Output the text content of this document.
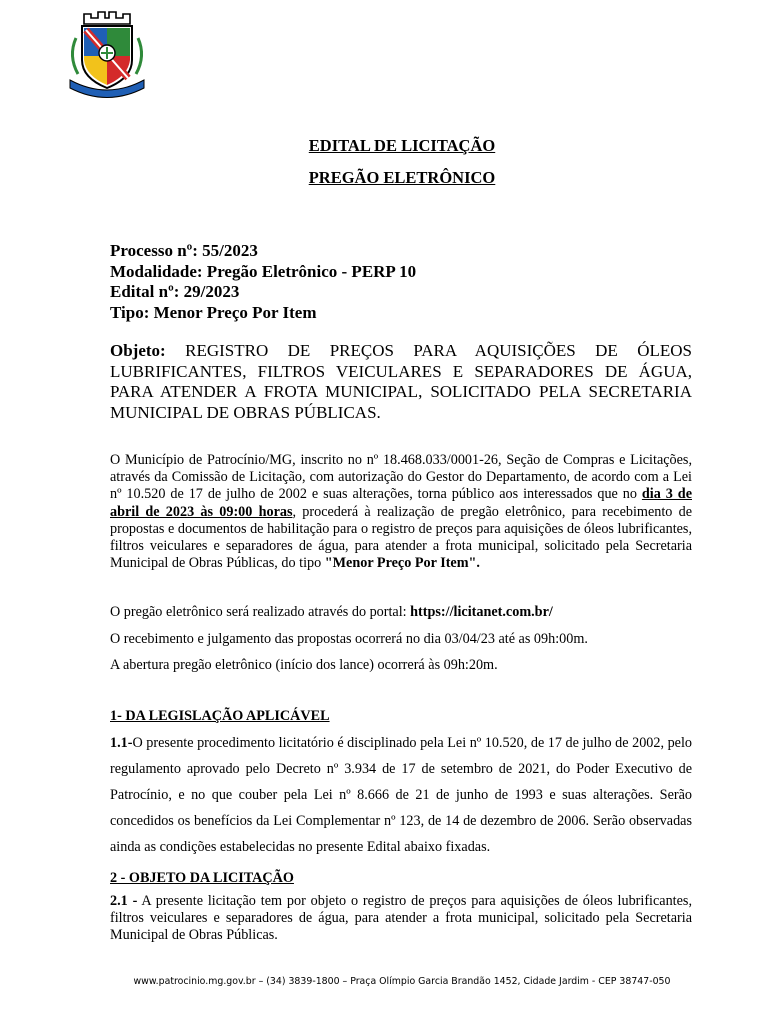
EDITAL DE LICITAÇÃO
PREGÃO ELETRÔNICO
Processo nº: 55/2023
Modalidade: Pregão Eletrônico - PERP 10
Edital nº: 29/2023
Tipo: Menor Preço Por Item
Objeto: REGISTRO DE PREÇOS PARA AQUISIÇÕES DE ÓLEOS LUBRIFICANTES, FILTROS VEICULARES E SEPARADORES DE ÁGUA, PARA ATENDER A FROTA MUNICIPAL, SOLICITADO PELA SECRETARIA MUNICIPAL DE OBRAS PÚBLICAS.
O Município de Patrocínio/MG, inscrito no nº 18.468.033/0001-26, Seção de Compras e Licitações, através da Comissão de Licitação, com autorização do Gestor do Departamento, de acordo com a Lei nº 10.520 de 17 de julho de 2002 e suas alterações, torna público aos interessados que no dia 3 de abril de 2023 às 09:00 horas, procederá à realização de pregão eletrônico, para recebimento de propostas e documentos de habilitação para o registro de preços para aquisições de óleos lubrificantes, filtros veiculares e separadores de água, para atender a frota municipal, solicitado pela Secretaria Municipal de Obras Públicas, do tipo "Menor Preço Por Item".
O pregão eletrônico será realizado através do portal: https://licitanet.com.br/
O recebimento e julgamento das propostas ocorrerá no dia 03/04/23 até as 09h:00m.
A abertura pregão eletrônico (início dos lance) ocorrerá às 09h:20m.
1- DA LEGISLAÇÃO APLICÁVEL
1.1-O presente procedimento licitatório é disciplinado pela Lei nº 10.520, de 17 de julho de 2002, pelo regulamento aprovado pelo Decreto nº 3.934 de 17 de setembro de 2021, do Poder Executivo de Patrocínio, e no que couber pela Lei nº 8.666 de 21 de junho de 1993 e suas alterações. Serão concedidos os benefícios da Lei Complementar nº 123, de 14 de dezembro de 2006. Serão observadas ainda as condições estabelecidas no presente Edital abaixo fixadas.
2 - OBJETO DA LICITAÇÃO
2.1 - A presente licitação tem por objeto o registro de preços para aquisições de óleos lubrificantes, filtros veiculares e separadores de água, para atender a frota municipal, solicitado pela Secretaria Municipal de Obras Públicas.
www.patrocinio.mg.gov.br – (34) 3839-1800 – Praça Olímpio Garcia Brandão 1452, Cidade Jardim - CEP 38747-050
